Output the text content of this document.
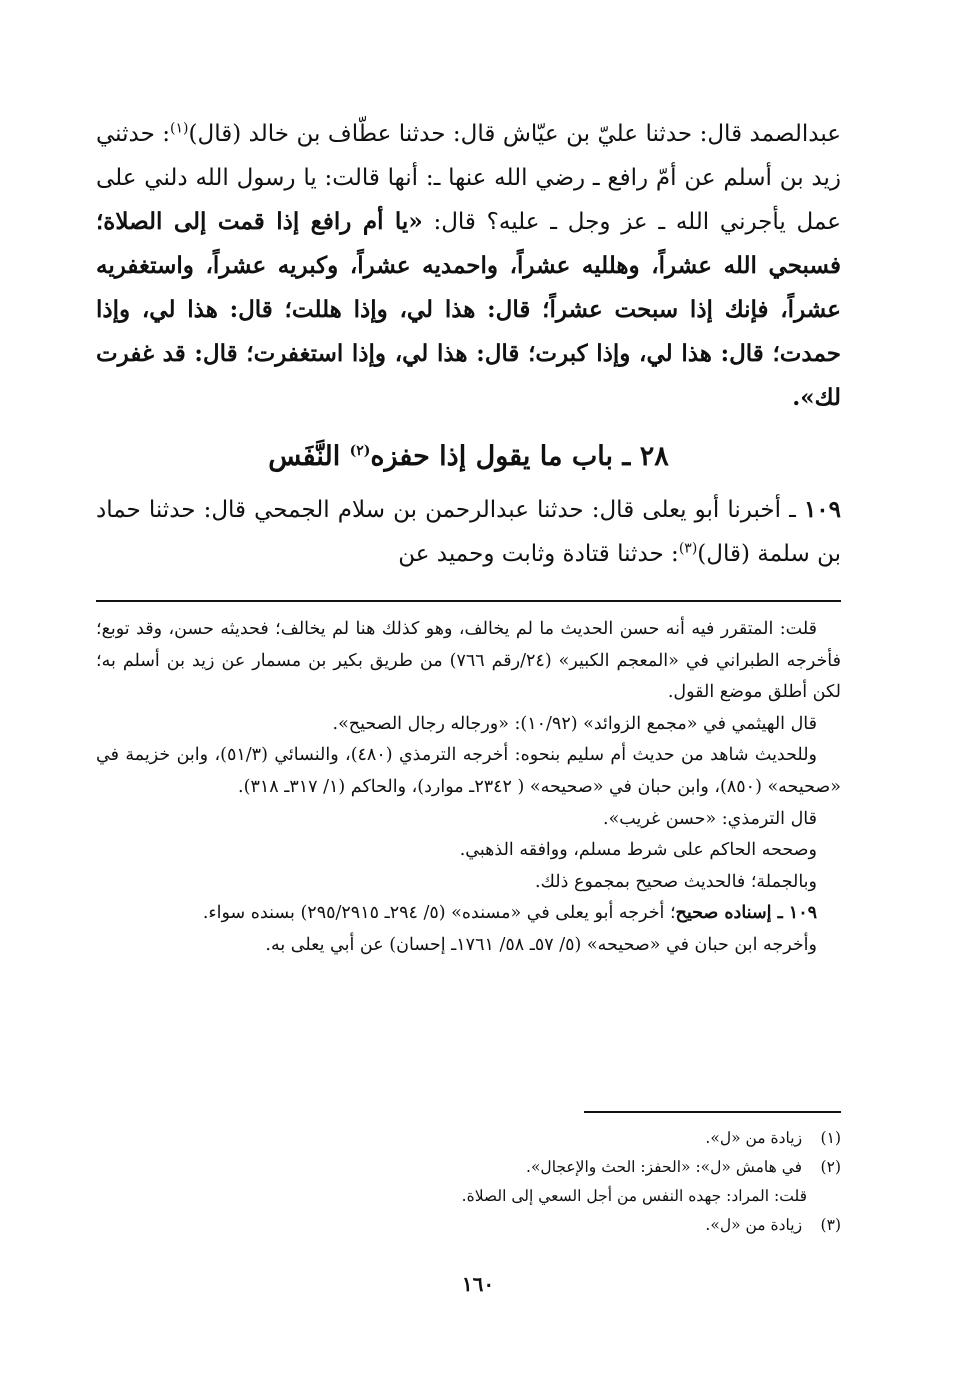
عبدالصمد قال: حدثنا عليّ بن عيّاش قال: حدثنا عطّاف بن خالد (قال)$^{(١)}$: حدثني زيد بن أسلم عن أمّ رافع ـ رضي الله عنها ـ: أنها قالت: يا رسول الله دلني على عمل يأجرني الله ـ عز وجل ـ عليه؟ قال: «يا أم رافع إذا قمت إلى الصلاة؛ فسبحي الله عشراً، وهلليه عشراً، واحمديه عشراً، وكبريه عشراً، واستغفريه عشراً، فإنك إذا سبحت عشراً؛ قال: هذا لي، وإذا هللت؛ قال: هذا لي، وإذا حمدت؛ قال: هذا لي، وإذا كبرت؛ قال: هذا لي، وإذا استغفرت؛ قال: قد غفرت لك».

٢٨ ـ باب ما يقول إذا حفزه$^{(٢)}$ النَّفَس

١٠٩ ـ أخبرنا أبو يعلى قال: حدثنا عبدالرحمن بن سلام الجمحي قال: حدثنا حماد بن سلمة (قال)$^{(٣)}$: حدثنا قتادة وثابت وحميد عن

قلت: المتقرر فيه أنه حسن الحديث ما لم يخالف، وهو كذلك هنا لم يخالف؛ فحديثه حسن، وقد توبع؛ فأخرجه الطبراني في «المعجم الكبير» (٢٤/رقم ٧٦٦) من طريق بكير بن مسمار عن زيد بن أسلم به؛ لكن أطلق موضع القول.

قال الهيثمي في «مجمع الزوائد» (١٠/٩٢): «ورجاله رجال الصحيح».

وللحديث شاهد من حديث أم سليم بنحوه: أخرجه الترمذي (٤٨٠)، والنسائي (٥١/٣)، وابن خزيمة في «صحيحه» (٨٥٠)، وابن حبان في «صحيحه» ( ٢٣٤٢ـ موارد)، والحاكم (١/ ٣١٧ـ ٣١٨).

قال الترمذي: «حسن غريب».

وصححه الحاكم على شرط مسلم، ووافقه الذهبي.

وبالجملة؛ فالحديث صحيح بمجموع ذلك.

١٠٩ ـ إسناده صحيح؛ أخرجه أبو يعلى في «مسنده» (٥/ ٢٩٤ـ ٢٩٥/٢٩١٥) بسنده سواء.

وأخرجه ابن حبان في «صحيحه» (٥/ ٥٧ـ ٥٨/ ١٧٦١ـ إحسان) عن أبي يعلى به.

(١) زيادة من «ل».

(٢) في هامش «ل»: «الحفز: الحث والإعجال».

قلت: المراد: جهده النفس من أجل السعي إلى الصلاة.

(٣) زيادة من «ل».

١٦٠
